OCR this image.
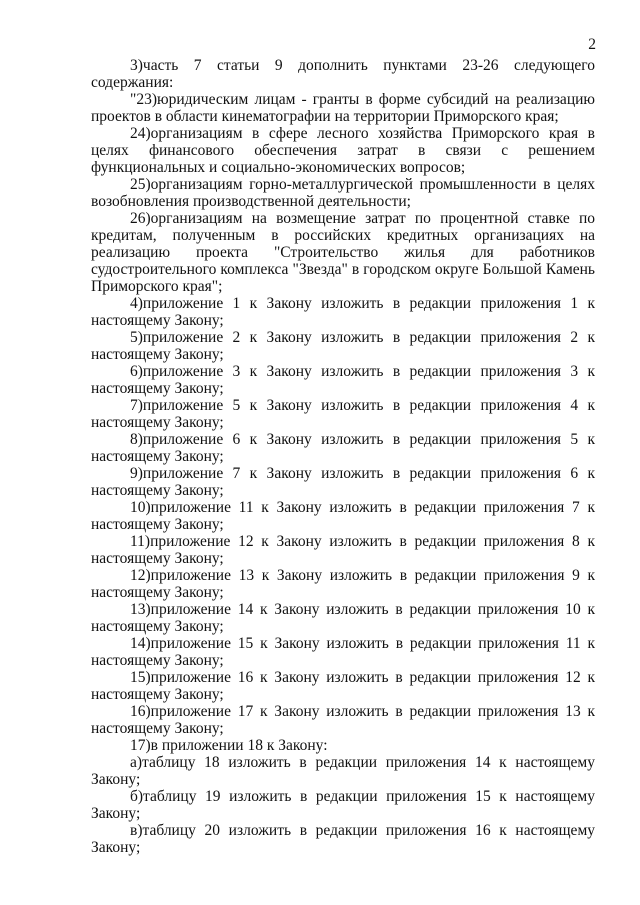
2

3)часть 7 статьи 9 дополнить пунктами 23-26 следующего содержания:

"23)юридическим лицам - гранты в форме субсидий на реализацию проектов в области кинематографии на территории Приморского края;

24)организациям в сфере лесного хозяйства Приморского края в целях финансового обеспечения затрат в связи с решением функциональных и социально-экономических вопросов;

25)организациям горно-металлургической промышленности в целях возобновления производственной деятельности;

26)организациям на возмещение затрат по процентной ставке по кредитам, полученным в российских кредитных организациях на реализацию проекта "Строительство жилья для работников судостроительного комплекса "Звезда" в городском округе Большой Камень Приморского края";

4)приложение 1 к Закону изложить в редакции приложения 1 к настоящему Закону;

5)приложение 2 к Закону изложить в редакции приложения 2 к настоящему Закону;

6)приложение 3 к Закону изложить в редакции приложения 3 к настоящему Закону;

7)приложение 5 к Закону изложить в редакции приложения 4 к настоящему Закону;

8)приложение 6 к Закону изложить в редакции приложения 5 к настоящему Закону;

9)приложение 7 к Закону изложить в редакции приложения 6 к настоящему Закону;

10)приложение 11 к Закону изложить в редакции приложения 7 к настоящему Закону;

11)приложение 12 к Закону изложить в редакции приложения 8 к настоящему Закону;

12)приложение 13 к Закону изложить в редакции приложения 9 к настоящему Закону;

13)приложение 14 к Закону изложить в редакции приложения 10 к настоящему Закону;

14)приложение 15 к Закону изложить в редакции приложения 11 к настоящему Закону;

15)приложение 16 к Закону изложить в редакции приложения 12 к настоящему Закону;

16)приложение 17 к Закону изложить в редакции приложения 13 к настоящему Закону;

17)в приложении 18 к Закону:

а)таблицу 18 изложить в редакции приложения 14 к настоящему Закону;

б)таблицу 19 изложить в редакции приложения 15 к настоящему Закону;

в)таблицу 20 изложить в редакции приложения 16 к настоящему Закону;
